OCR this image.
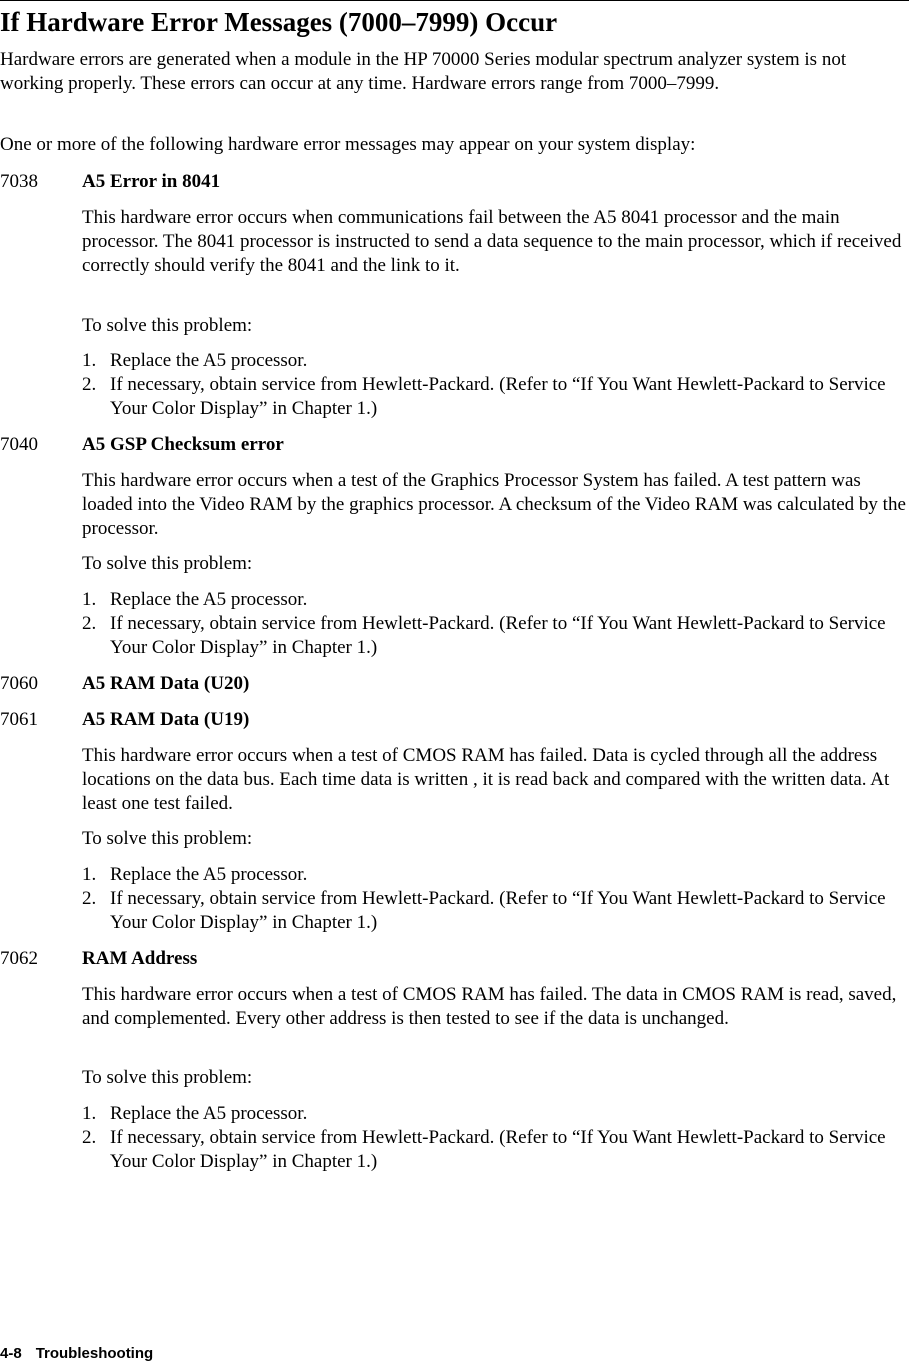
If Hardware Error Messages (7000–7999) Occur

Hardware errors are generated when a module in the HP 70000 Series modular spectrum analyzer system is not working properly. These errors can occur at any time. Hardware errors range from 7000–7999.

One or more of the following hardware error messages may appear on your system display:

7038 A5 Error in 8041

This hardware error occurs when communications fail between the A5 8041 processor and the main processor. The 8041 processor is instructed to send a data sequence to the main processor, which if received correctly should verify the 8041 and the link to it.

To solve this problem:

1. Replace the A5 processor.
2. If necessary, obtain service from Hewlett-Packard. (Refer to “If You Want Hewlett-Packard to Service Your Color Display” in Chapter 1.)
7040 A5 GSP Checksum error

This hardware error occurs when a test of the Graphics Processor System has failed. A test pattern was loaded into the Video RAM by the graphics processor. A checksum of the Video RAM was calculated by the processor.

To solve this problem:

1. Replace the A5 processor.
2. If necessary, obtain service from Hewlett-Packard. (Refer to “If You Want Hewlett-Packard to Service Your Color Display” in Chapter 1.)
7060 A5 RAM Data (U20)
7061 A5 RAM Data (U19)

This hardware error occurs when a test of CMOS RAM has failed. Data is cycled through all the address locations on the data bus. Each time data is written , it is read back and compared with the written data. At least one test failed.

To solve this problem:

1. Replace the A5 processor.
2. If necessary, obtain service from Hewlett-Packard. (Refer to “If You Want Hewlett-Packard to Service Your Color Display” in Chapter 1.)
7062 RAM Address

This hardware error occurs when a test of CMOS RAM has failed. The data in CMOS RAM is read, saved, and complemented. Every other address is then tested to see if the data is unchanged.

To solve this problem:

1. Replace the A5 processor.
2. If necessary, obtain service from Hewlett-Packard. (Refer to “If You Want Hewlett-Packard to Service Your Color Display” in Chapter 1.)
4-8 Troubleshooting
